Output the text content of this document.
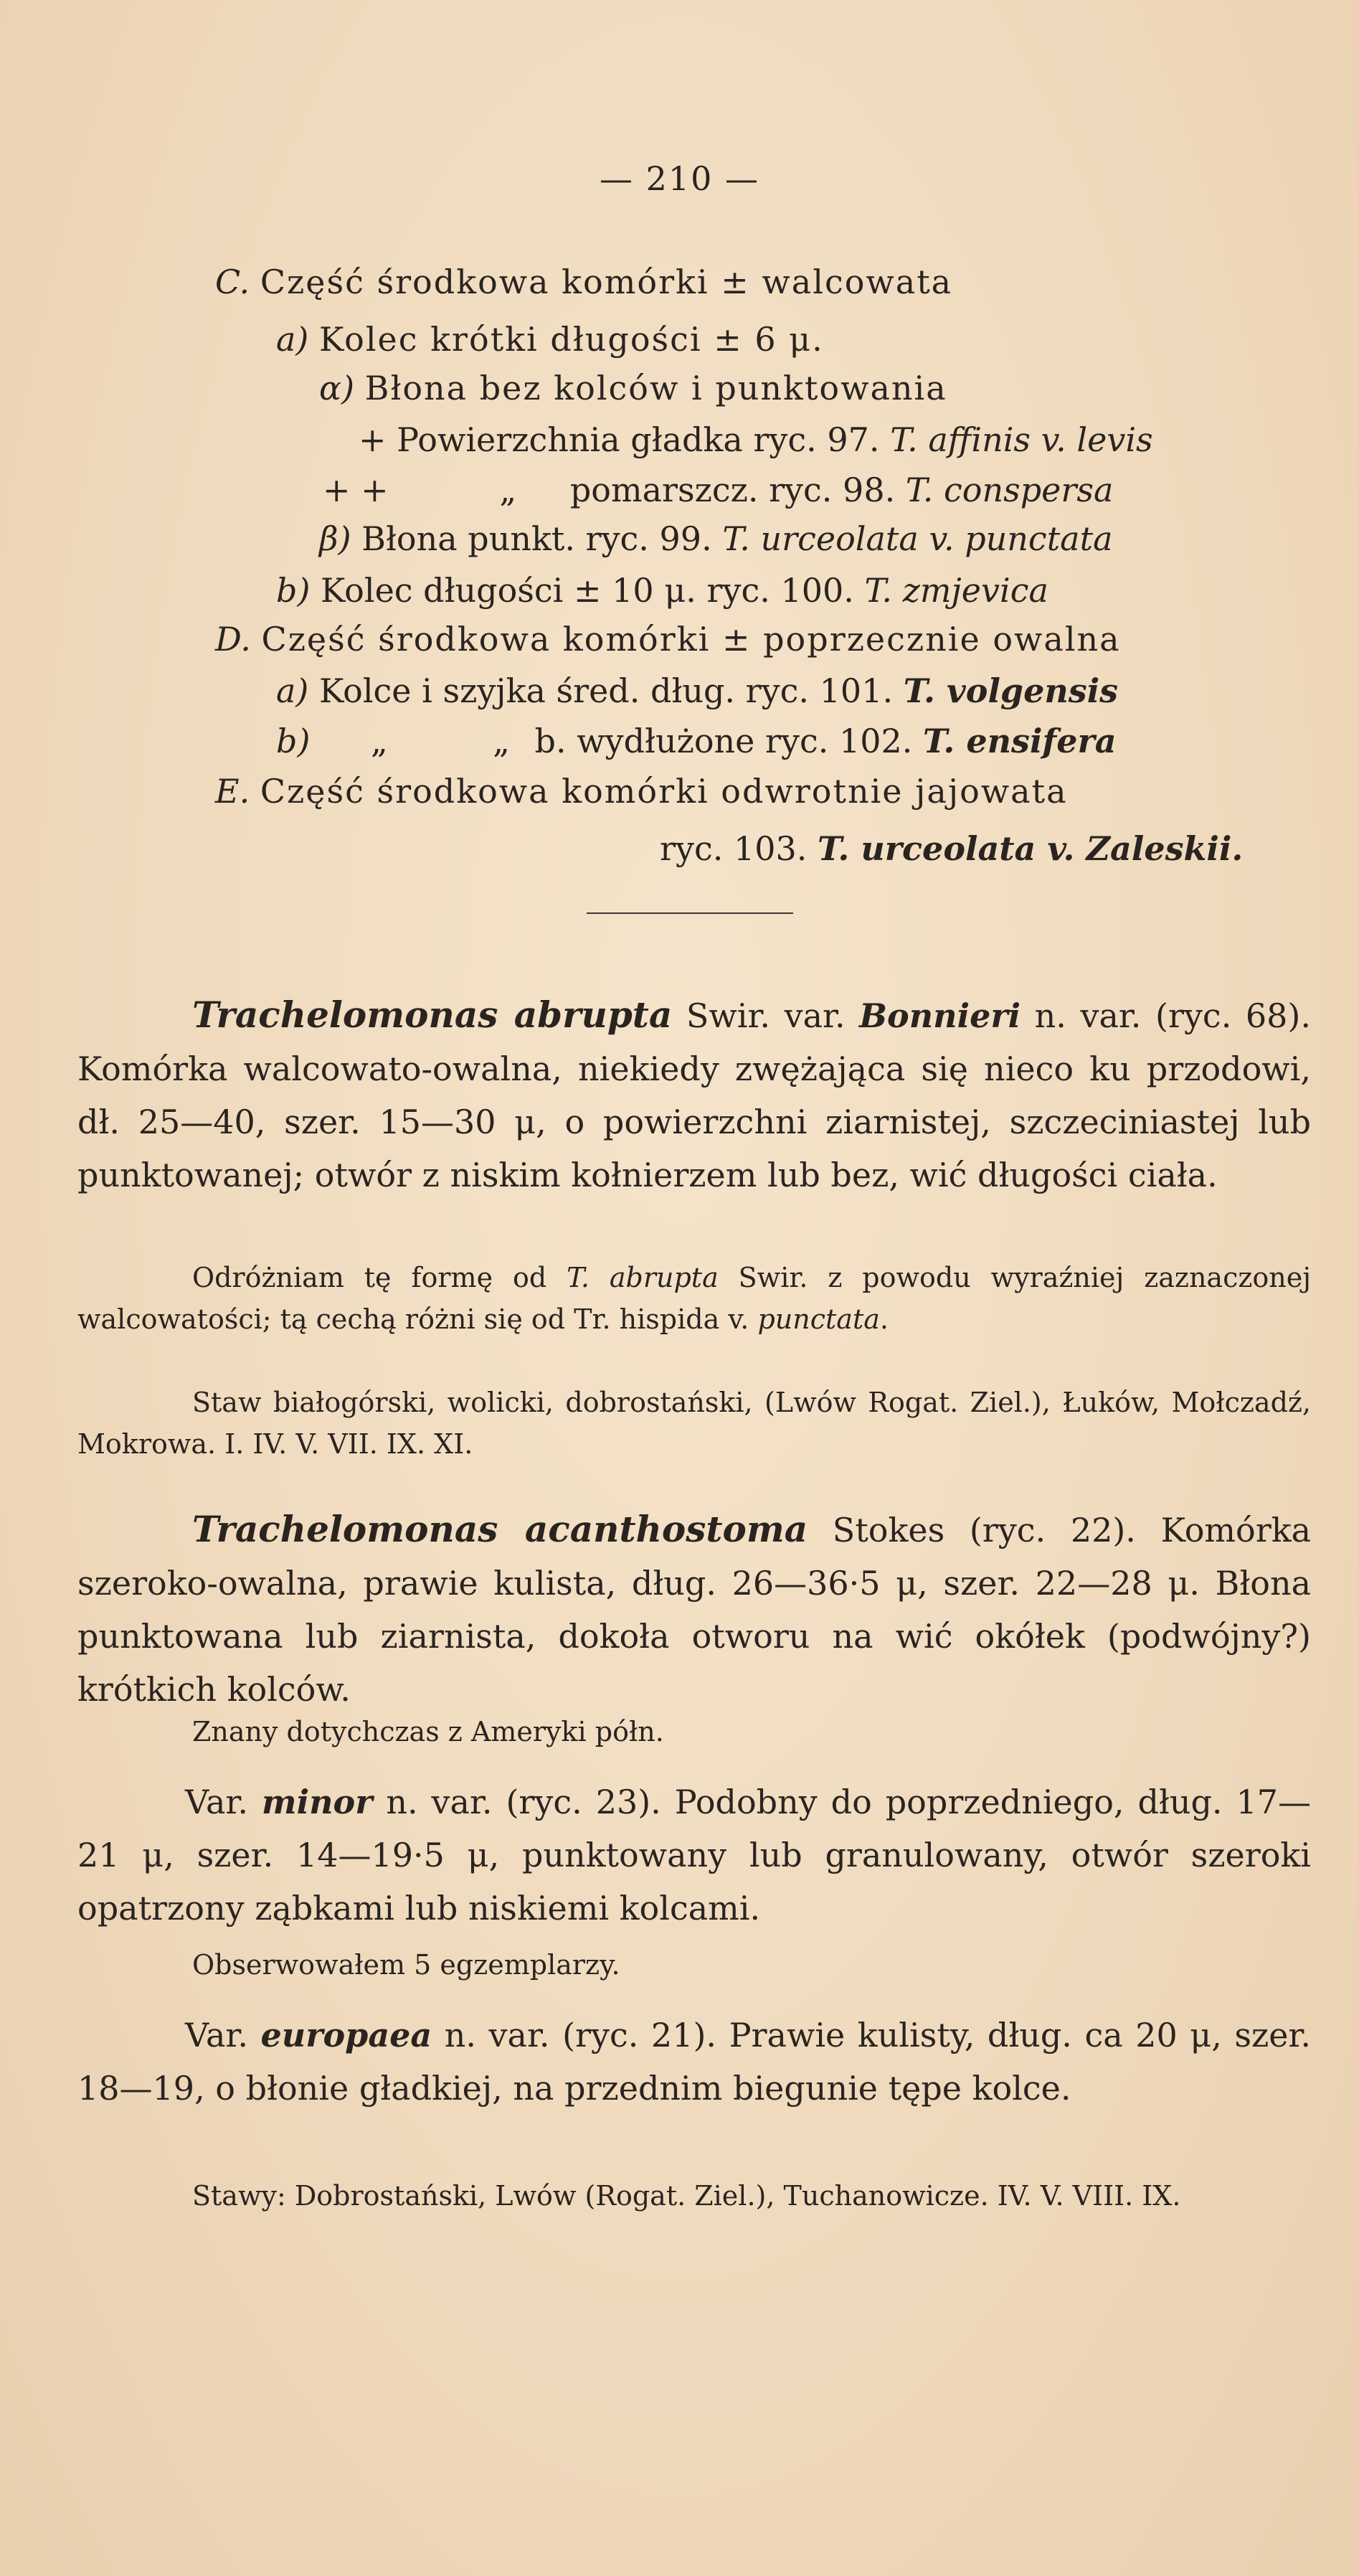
— 210 —
C. Część środkowa komórki ± walcowata
a) Kolec krótki długości ± 6 μ.
α) Błona bez kolców i punktowania
+ Powierzchnia gładka ryc. 97. T. affinis v. levis
+ +	„ pomarszcz. ryc. 98. T. conspersa
β) Błona punkt. ryc. 99. T. urceolata v. punctata
b) Kolec długości ± 10 μ. ryc. 100. T. zmjevica
D. Część środkowa komórki ± poprzecznie owalna
a) Kolce i szyjka śred. dług. ryc. 101. T. volgensis
b) „          „ b. wydłużone ryc. 102. T. ensifera
E. Część środkowa komórki odwrotnie jajowata
ryc. 103. T. urceolata v. Zaleskii.
Trachelomonas abrupta Swir. var. Bonnieri n. var. (ryc. 68). Komórka walcowato-owalna, niekiedy zwężająca się nieco ku przodowi, dł. 25—40, szer. 15—30 μ, o powierzchni ziarnistej, szczeciniastej lub punktowanej; otwór z niskim kołnierzem lub bez, wić długości ciała.
Odróżniam tę formę od T. abrupta Swir. z powodu wyraźniej zaznaczonej walcowatości; tą cechą różni się od Tr. hispida v. punctata.
Staw białogórski, wolicki, dobrostański, (Lwów Rogat. Ziel.), Łuków, Mołczadź, Mokrowa. I. IV. V. VII. IX. XI.
Trachelomonas acanthostoma Stokes (ryc. 22). Komórka szeroko-owalna, prawie kulista, dług. 26—36·5 μ, szer. 22—28 μ. Błona punktowana lub ziarnista, dokoła otworu na wić okółek (podwójny?) krótkich kolców.
Znany dotychczas z Ameryki półn.
Var. minor n. var. (ryc. 23). Podobny do poprzedniego, dług. 17—21 μ, szer. 14—19·5 μ, punktowany lub granulowany, otwór szeroki opatrzony ząbkami lub niskiemi kolcami.
Obserwowałem 5 egzemplarzy.
Var. europaea n. var. (ryc. 21). Prawie kulisty, dług. ca 20 μ, szer. 18—19, o błonie gładkiej, na przednim biegunie tępe kolce.
Stawy: Dobrostański, Lwów (Rogat. Ziel.), Tuchanowicze. IV. V. VIII. IX.
